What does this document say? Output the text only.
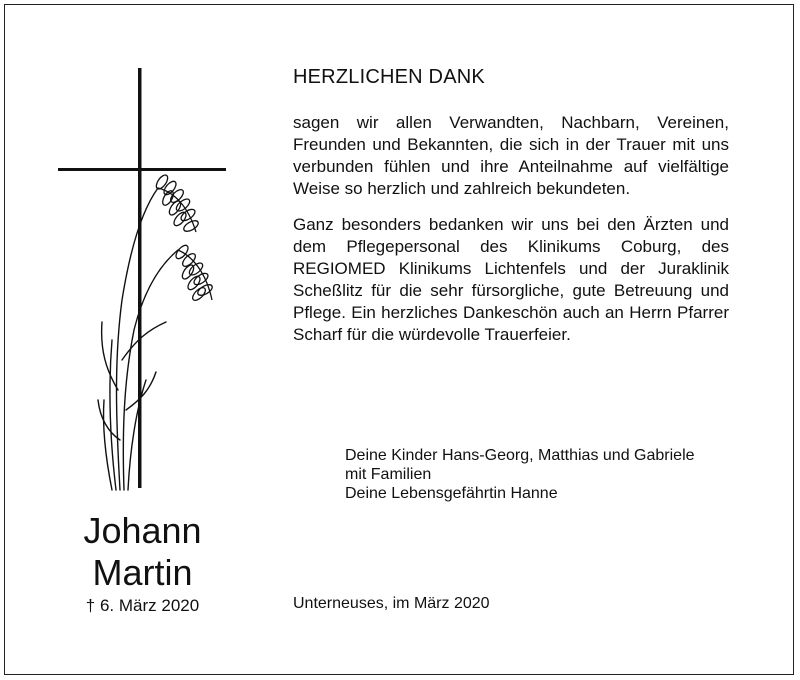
Johann
Martin
† 6. März 2020
HERZLICHEN DANK

sagen wir allen Verwandten, Nachbarn, Vereinen, Freunden und Bekannten, die sich in der Trauer mit uns verbunden fühlen und ihre Anteilnahme auf vielfältige Weise so herzlich und zahlreich bekundeten.

Ganz besonders bedanken wir uns bei den Ärzten und dem Pflegepersonal des Klinikums Coburg, des REGIOMED Klinikums Lichtenfels und der Juraklinik Scheßlitz für die sehr fürsorgliche, gute Betreuung und Pflege. Ein herzliches Dankeschön auch an Herrn Pfarrer Scharf für die würdevolle Trauerfeier.

Deine Kinder Hans-Georg, Matthias und Gabriele
mit Familien
Deine Lebensgefährtin Hanne
Unterneuses, im März 2020
